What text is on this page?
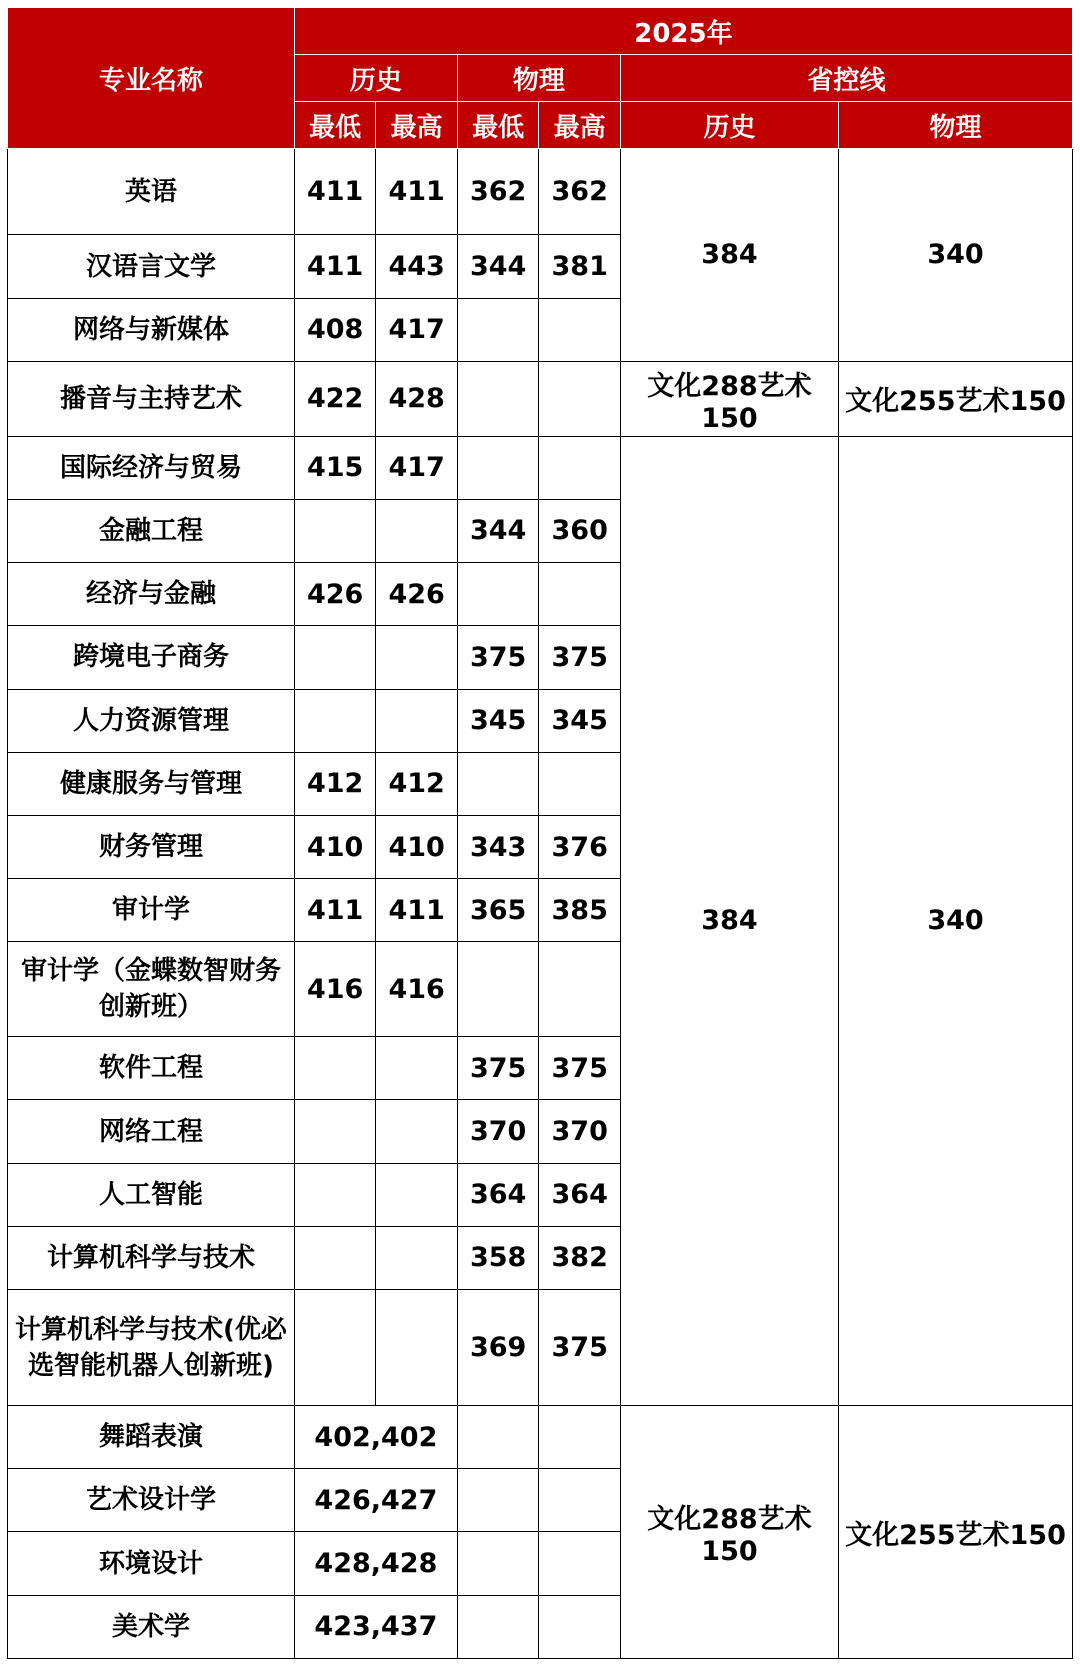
专业名称	2025年					
	历史		物理		省控线	
	最低	最高	最低	最高	历史	物理
英语	411	411	362	362	384	340
汉语言文学	411	443	344	381		
网络与新媒体	408	417				
播音与主持艺术	422	428			文化288艺术150	文化255艺术150
国际经济与贸易	415	417			384	340
金融工程			344	360		
经济与金融	426	426				
跨境电子商务			375	375		
人力资源管理			345	345		
健康服务与管理	412	412				
财务管理	410	410	343	376		
审计学	411	411	365	385		
审计学（金蝶数智财务创新班）	416	416				
软件工程			375	375		
网络工程			370	370		
人工智能			364	364		
计算机科学与技术			358	382		
计算机科学与技术(优必选智能机器人创新班)			369	375		
舞蹈表演	402,402				文化288艺术150	文化255艺术150
艺术设计学	426,427					
环境设计	428,428					
美术学	423,437					
